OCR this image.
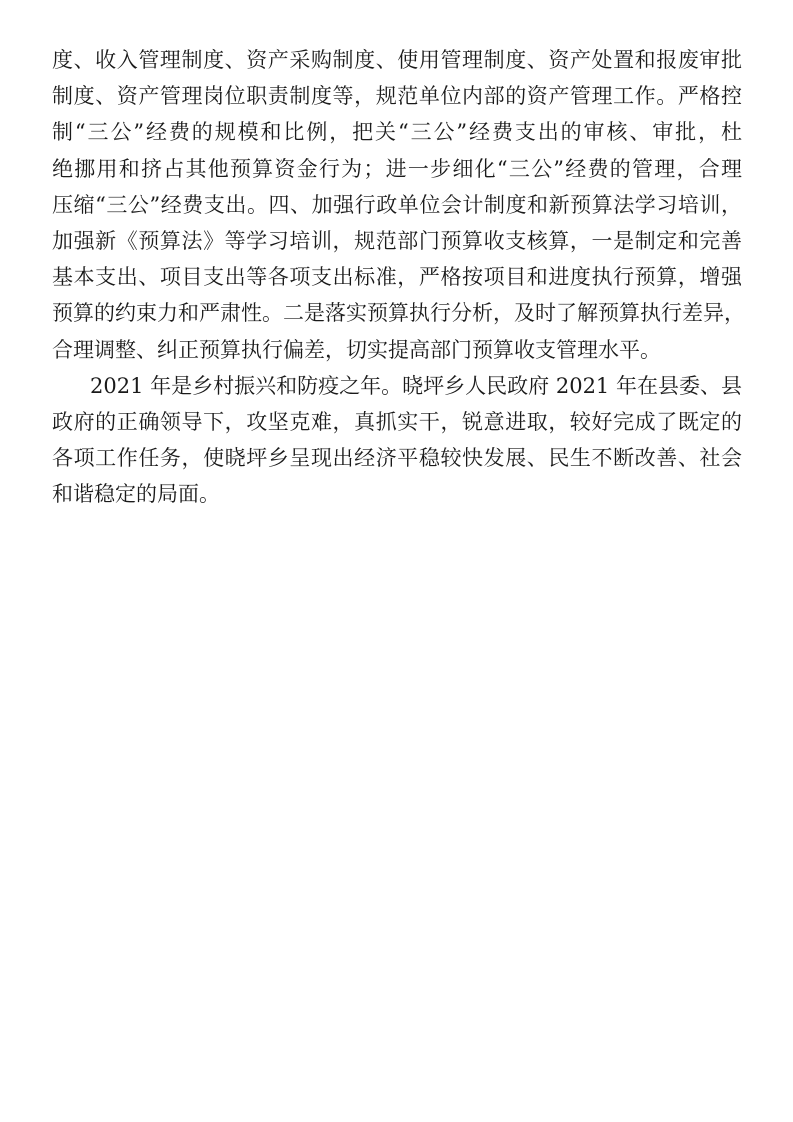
度、收入管理制度、资产采购制度、使用管理制度、资产处置和报废审批
制度、资产管理岗位职责制度等，规范单位内部的资产管理工作。严格控
制“三公”经费的规模和比例，把关“三公”经费支出的审核、审批，杜
绝挪用和挤占其他预算资金行为；进一步细化“三公”经费的管理，合理
压缩“三公”经费支出。四、加强行政单位会计制度和新预算法学习培训，
加强新《预算法》等学习培训，规范部门预算收支核算，一是制定和完善
基本支出、项目支出等各项支出标准，严格按项目和进度执行预算，增强
预算的约束力和严肃性。二是落实预算执行分析，及时了解预算执行差异，
合理调整、纠正预算执行偏差，切实提高部门预算收支管理水平。
2021 年是乡村振兴和防疫之年。晓坪乡人民政府 2021 年在县委、县
政府的正确领导下，攻坚克难，真抓实干，锐意进取，较好完成了既定的
各项工作任务，使晓坪乡呈现出经济平稳较快发展、民生不断改善、社会
和谐稳定的局面。
